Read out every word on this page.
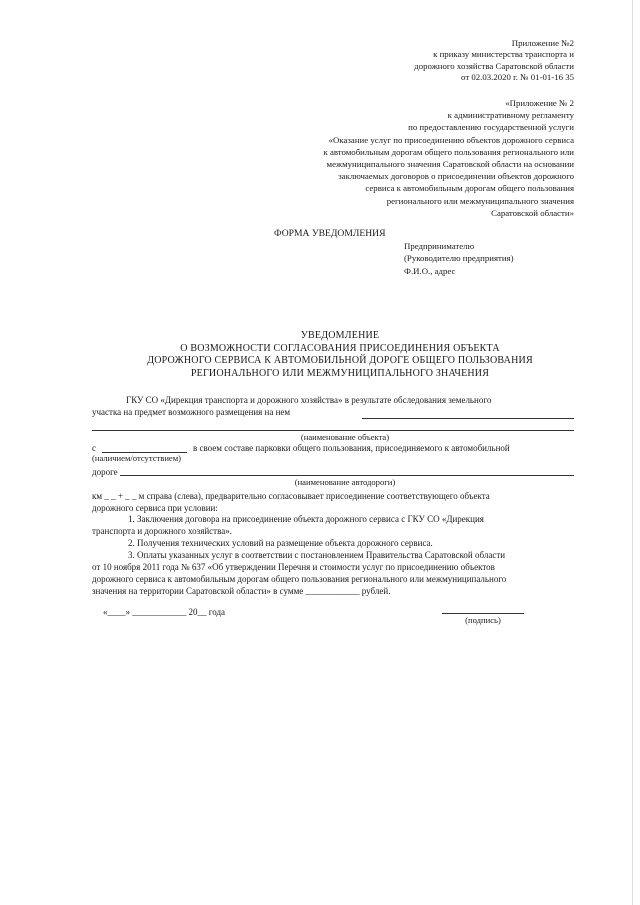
Приложение №2
к приказу министерства транспорта и
дорожного хозяйства Саратовской области
от 02.03.2020 г. № 01-01-16 35
«Приложение № 2
к административному регламенту
по предоставлению государственной услуги
«Оказание услуг по присоединению объектов дорожного сервиса
к автомобильным дорогам общего пользования регионального или
межмуниципального значения Саратовской области на основании
заключаемых договоров о присоединении объектов дорожного
сервиса к автомобильным дорогам общего пользования
регионального или межмуниципального значения
Саратовской области»
ФОРМА УВЕДОМЛЕНИЯ
Предпринимателю
(Руководителю предприятия)
Ф.И.О., адрес
УВЕДОМЛЕНИЕ
О ВОЗМОЖНОСТИ СОГЛАСОВАНИЯ ПРИСОЕДИНЕНИЯ ОБЪЕКТА
ДОРОЖНОГО СЕРВИСА К АВТОМОБИЛЬНОЙ ДОРОГЕ ОБЩЕГО ПОЛЬЗОВАНИЯ
РЕГИОНАЛЬНОГО ИЛИ МЕЖМУНИЦИПАЛЬНОГО ЗНАЧЕНИЯ
ГКУ СО «Дирекция транспорта и дорожного хозяйства» в результате обследования земельного
участка на предмет возможного размещения на нем
(наименование объекта)
с	в своем составе парковки общего пользования, присоединяемого к автомобильной
(наличием/отсутствием)
дороге
(наименование автодороги)
км _ _ + _ _ м справа (слева), предварительно согласовывает присоединение соответствующего объекта
дорожного сервиса при условии:
1. Заключения договора на присоединение объекта дорожного сервиса с ГКУ СО «Дирекция
транспорта и дорожного хозяйства».
2. Получения технических условий на размещение объекта дорожного сервиса.
3. Оплаты указанных услуг в соответствии с постановлением Правительства Саратовской области
от 10 ноября 2011 года № 637 «Об утверждении Перечня и стоимости услуг по присоединению объектов
дорожного сервиса к автомобильным дорогам общего пользования регионального или межмуниципального
значения на территории Саратовской области» в сумме ____________ рублей.
«____» ____________ 20__ года
(подпись)
